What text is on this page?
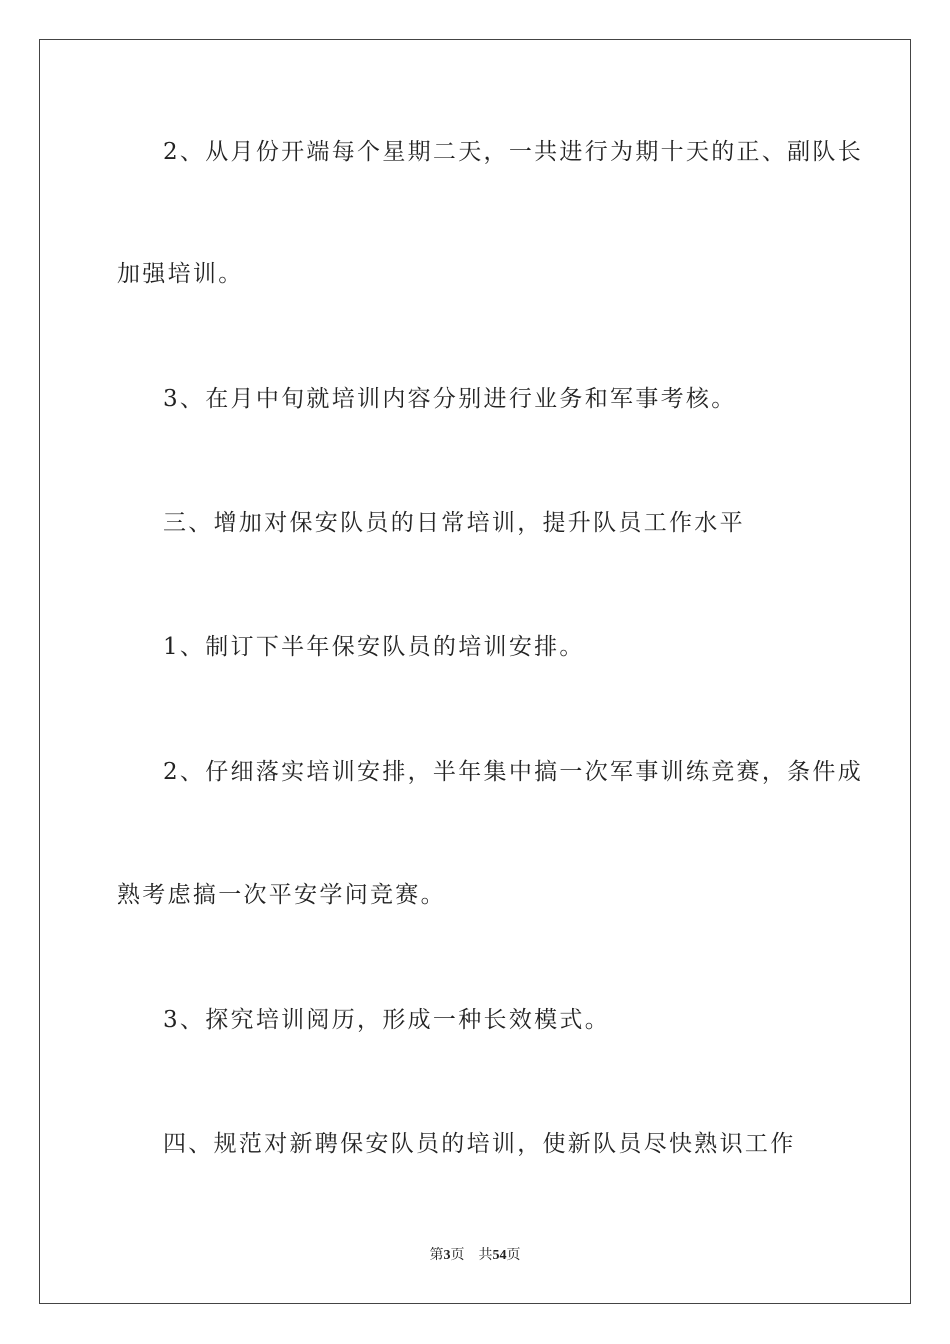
2、从月份开端每个星期二天，一共进行为期十天的正、副队长
加强培训。
3、在月中旬就培训内容分别进行业务和军事考核。
三、增加对保安队员的日常培训，提升队员工作水平
1、制订下半年保安队员的培训安排。
2、仔细落实培训安排，半年集中搞一次军事训练竞赛，条件成
熟考虑搞一次平安学问竞赛。
3、探究培训阅历，形成一种长效模式。
四、规范对新聘保安队员的培训，使新队员尽快熟识工作
第3页 共54页
